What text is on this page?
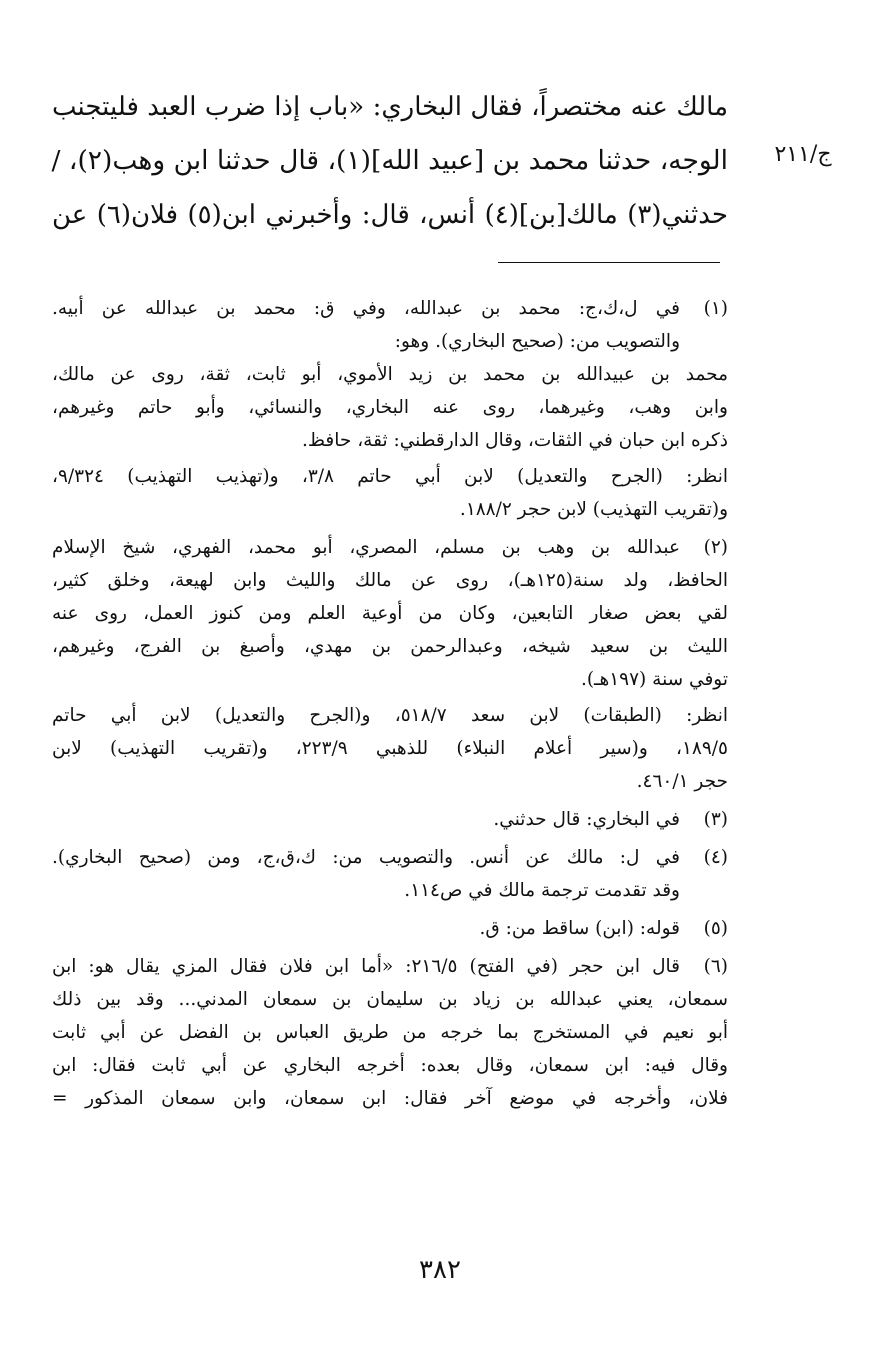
ج/٢١١
مالك عنه مختصراً، فقال البخاري: «باب إذا ضرب العبد فليتجنب
الوجه، حدثنا محمد بن [عبيد الله](١)، قال حدثنا ابن وهب(٢)، /
حدثني(٣) مالك[بن](٤) أنس، قال: وأخبرني ابن(٥) فلان(٦) عن
(١)
في ل،ك،ج: محمد بن عبدالله، وفي ق: محمد بن عبدالله عن أبيه.
والتصويب من: (صحيح البخاري). وهو:
محمد بن عبيدالله بن محمد بن زيد الأموي، أبو ثابت، ثقة، روى عن مالك،
وابن وهب، وغيرهما، روى عنه البخاري، والنسائي، وأبو حاتم وغيرهم،
ذكره ابن حبان في الثقات، وقال الدارقطني: ثقة، حافظ.
انظر: (الجرح والتعديل) لابن أبي حاتم ٣/٨، و(تهذيب التهذيب) ٩/٣٢٤،
و(تقريب التهذيب) لابن حجر ١٨٨/٢.
(٢)
عبدالله بن وهب بن مسلم، المصري، أبو محمد، الفهري، شيخ الإسلام
الحافظ، ولد سنة(١٢٥هـ)، روى عن مالك والليث وابن لهيعة، وخلق كثير،
لقي بعض صغار التابعين، وكان من أوعية العلم ومن كنوز العمل، روى عنه
الليث بن سعيد شيخه، وعبدالرحمن بن مهدي، وأصبغ بن الفرج، وغيرهم،
توفي سنة (١٩٧هـ).
انظر: (الطبقات) لابن سعد ٥١٨/٧، و(الجرح والتعديل) لابن أبي حاتم
١٨٩/٥، و(سير أعلام النبلاء) للذهبي ٢٢٣/٩، و(تقريب التهذيب) لابن
حجر ٤٦٠/١.
(٣)
في البخاري: قال حدثني.
(٤)
في ل: مالك عن أنس. والتصويب من: ك،ق،ج، ومن (صحيح البخاري).
وقد تقدمت ترجمة مالك في ص١١٤.
(٥)
قوله: (ابن) ساقط من: ق.
(٦)
قال ابن حجر (في الفتح) ٢١٦/٥: «أما ابن فلان فقال المزي يقال هو: ابن
سمعان، يعني عبدالله بن زياد بن سليمان بن سمعان المدني... وقد بين ذلك
أبو نعيم في المستخرج بما خرجه من طريق العباس بن الفضل عن أبي ثابت
وقال فيه: ابن سمعان، وقال بعده: أخرجه البخاري عن أبي ثابت فقال: ابن
فلان، وأخرجه في موضع آخر فقال: ابن سمعان، وابن سمعان المذكور =
٣٨٢
